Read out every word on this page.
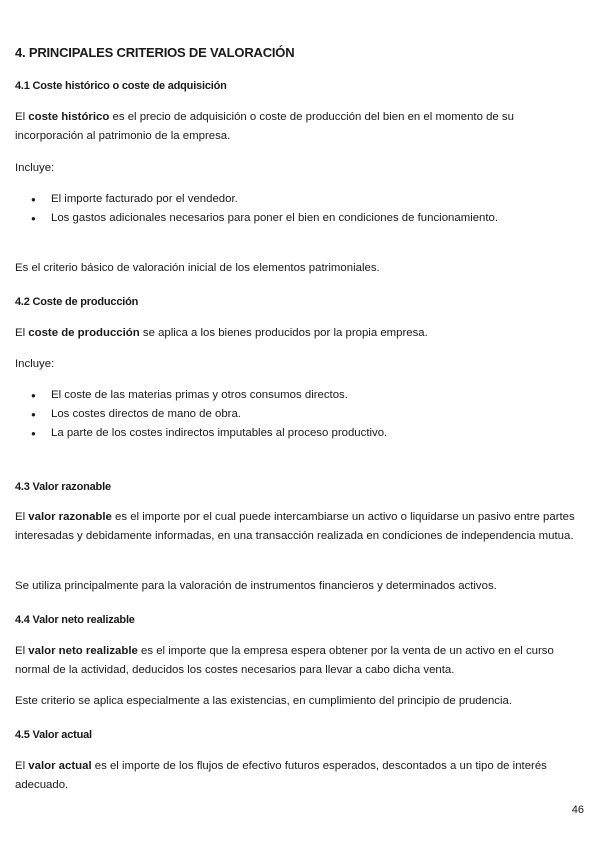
4. PRINCIPALES CRITERIOS DE VALORACIÓN
4.1 Coste histórico o coste de adquisición
El coste histórico es el precio de adquisición o coste de producción del bien en el momento de su incorporación al patrimonio de la empresa.
Incluye:
● El importe facturado por el vendedor.
● Los gastos adicionales necesarios para poner el bien en condiciones de funcionamiento.
Es el criterio básico de valoración inicial de los elementos patrimoniales.
4.2 Coste de producción
El coste de producción se aplica a los bienes producidos por la propia empresa.
Incluye:
● El coste de las materias primas y otros consumos directos.
● Los costes directos de mano de obra.
● La parte de los costes indirectos imputables al proceso productivo.
4.3 Valor razonable
El valor razonable es el importe por el cual puede intercambiarse un activo o liquidarse un pasivo entre partes interesadas y debidamente informadas, en una transacción realizada en condiciones de independencia mutua.
Se utiliza principalmente para la valoración de instrumentos financieros y determinados activos.
4.4 Valor neto realizable
El valor neto realizable es el importe que la empresa espera obtener por la venta de un activo en el curso normal de la actividad, deducidos los costes necesarios para llevar a cabo dicha venta.
Este criterio se aplica especialmente a las existencias, en cumplimiento del principio de prudencia.
4.5 Valor actual
El valor actual es el importe de los flujos de efectivo futuros esperados, descontados a un tipo de interés adecuado.
46
